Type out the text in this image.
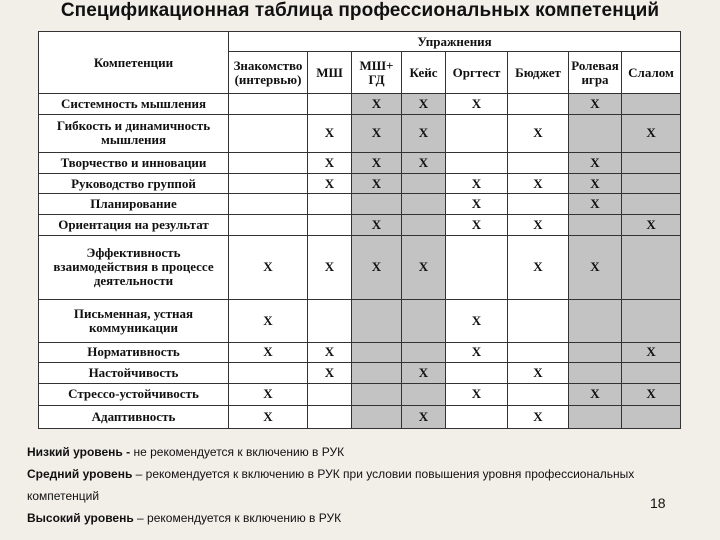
Спецификационная таблица профессиональных компетенций
Компетенции	Упражнения							
	Знакомство (интервью)	МШ	МШ+ ГД	Кейс	Оргтест	Бюджет	Ролевая игра	Слалом
Системность мышления			X	X	X		X	
Гибкость и динамичность мышления		X	X	X		X		X
Творчество и инновации		X	X	X			X	
Руководство группой		X	X		X	X	X	
Планирование					X		X	
Ориентация на результат			X		X	X		X
Эффективность взаимодействия в процессе деятельности	X	X	X	X		X	X	
Письменная, устная коммуникации	X				X			
Нормативность	X	X			X			X
Настойчивость		X		X		X		
Стрессо-устойчивость	X				X		X	X
Адаптивность	X			X		X		

Низкий уровень - не рекомендуется к включению в РУК

Средний уровень – рекомендуется к включению в РУК при условии повышения уровня профессиональных компетенций

Высокий уровень – рекомендуется к включению в РУК

18
